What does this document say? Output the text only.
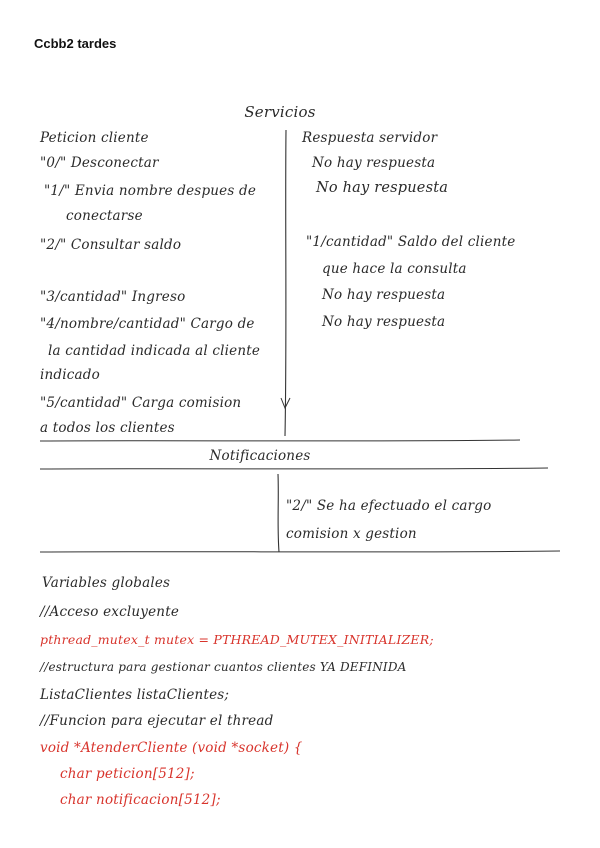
Ccbb2 tardes
Servicios
Peticion cliente
"0/" Desconectar
"1/" Envia nombre despues de
conectarse
"2/" Consultar saldo
"3/cantidad" Ingreso
"4/nombre/cantidad" Cargo de
la cantidad indicada al cliente
indicado
"5/cantidad" Carga comision
a todos los clientes
Respuesta servidor
No hay respuesta
No hay respuesta
"1/cantidad" Saldo del cliente
que hace la consulta
No hay respuesta
No hay respuesta
Notificaciones
"2/" Se ha efectuado el cargo
comision x gestion
Variables globales
//Acceso excluyente
pthread_mutex_t mutex = PTHREAD_MUTEX_INITIALIZER;
//estructura para gestionar cuantos clientes YA DEFINIDA
ListaClientes listaClientes;
//Funcion para ejecutar el thread
void *AtenderCliente (void *socket) {
char peticion[512];
char notificacion[512];
